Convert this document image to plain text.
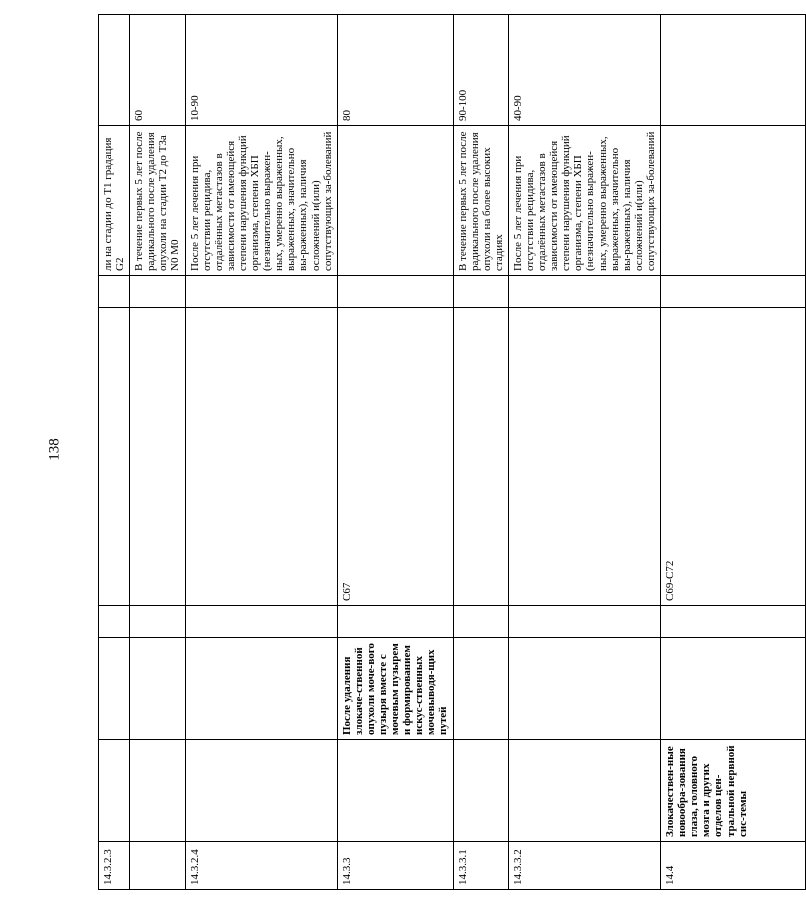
138
14.3.2.3						ли на стадии до T1 градация G2	
						В течение первых 5 лет после радикального после удаления опухоли на стадии T2 до T3a N0 M0	60
14.3.2.4						После 5 лет лечения при отсутствии рецидива, отдалённых метастазов в зависимости от имеющейся степени нарушения функций организма, степени ХБП (незначительно выражен-ных, умеренно выраженных, выраженных, значительно вы-раженных), наличия осложнений и(или) сопутствующих за-болеваний	10-90
14.3.3		После удаления злокаче-ственной опухоли моче-вого пузыря вместе с мочевым пузырем и формированием искус-ственных мочевыводя-щих путей		C67			80
14.3.3.1						В течение первых 5 лет после радикального после удаления опухоли на более высоких стадиях	90-100
14.3.3.2						После 5 лет лечения при отсутствии рецидива, отдалённых метастазов в зависимости от имеющейся степени нарушения функций организма, степени ХБП (незначительно выражен-ных, умеренно выраженных, выраженных, значительно вы-раженных), наличия осложнений и(или) сопутствующих за-болеваний	40-90
14.4	Злокачествен-ные новообра-зования глаза, головного мозга и других отделов цен-тральной нервной сис-темы			C69-C72			
